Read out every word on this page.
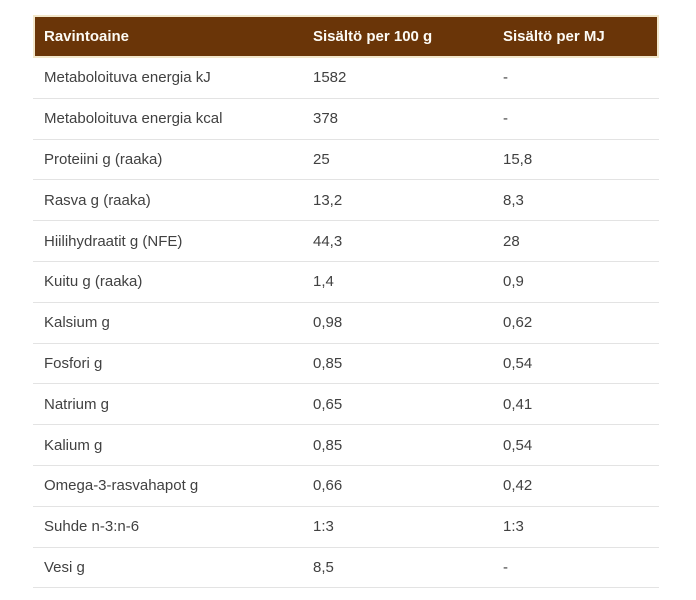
Ravintoaine	Sisältö per 100 g	Sisältö per MJ
Metaboloituva energia kJ	1582	-
Metaboloituva energia kcal	378	-
Proteiini g (raaka)	25	15,8
Rasva g (raaka)	13,2	8,3
Hiilihydraatit g (NFE)	44,3	28
Kuitu g (raaka)	1,4	0,9
Kalsium g	0,98	0,62
Fosfori g	0,85	0,54
Natrium g	0,65	0,41
Kalium g	0,85	0,54
Omega-3-rasvahapot g	0,66	0,42
Suhde n-3:n-6	1:3	1:3
Vesi g	8,5	-
